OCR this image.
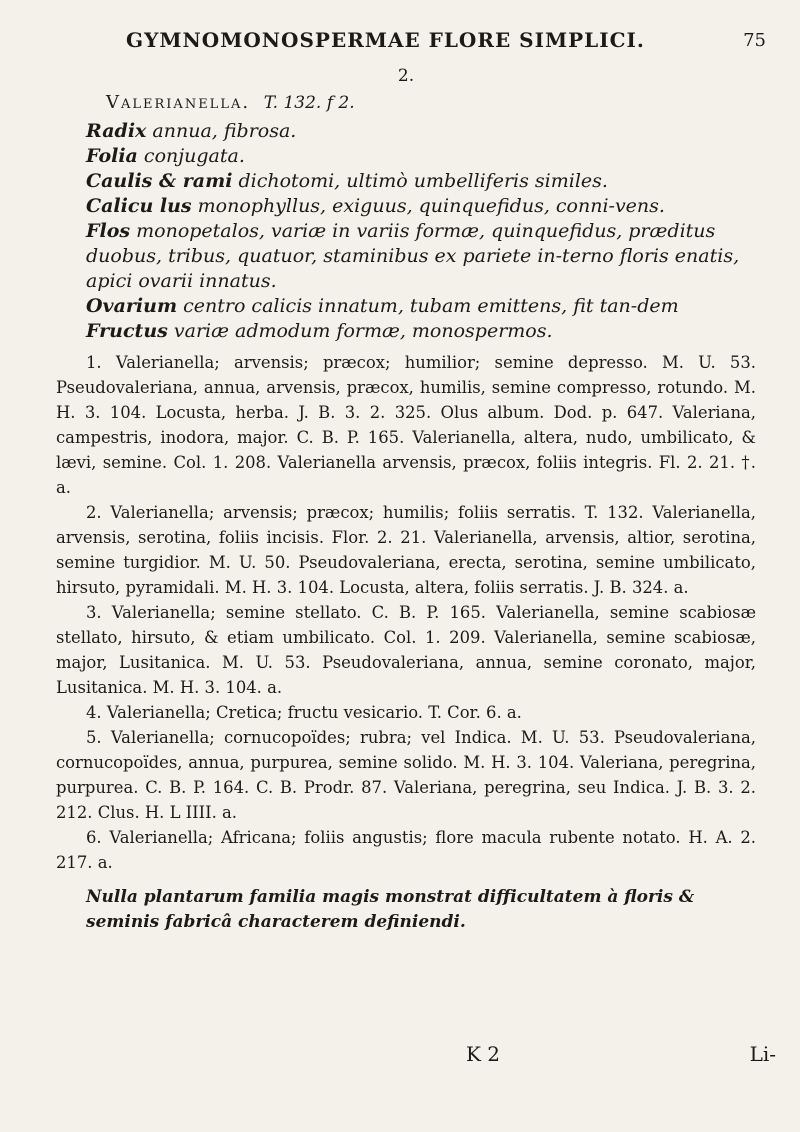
GYMNOMONOSPERMAE FLORE SIMPLICI.	75
2.
Valerianella. T. 132. f 2.

Radix annua, fibrosa.

Folia conjugata.

Caulis & rami dichotomi, ultimò umbelliferis similes.

Calicu lus monophyllus, exiguus, quinquefidus, conni-vens.

Flos monopetalos, variæ in variis formæ, quinquefidus, præditus duobus, tribus, quatuor, staminibus ex pariete in-terno floris enatis, apici ovarii innatus.

Ovarium centro calicis innatum, tubam emittens, fit tan-dem

Fructus variæ admodum formæ, monospermos.

1. Valerianella; arvensis; præcox; humilior; semine depresso. M. U. 53. Pseudovaleriana, annua, arvensis, præcox, humilis, semine compresso, rotundo. M. H. 3. 104. Locusta, herba. J. B. 3. 2. 325. Olus album. Dod. p. 647. Valeriana, campestris, inodora, major. C. B. P. 165. Valerianella, altera, nudo, umbilicato, & lævi, semine. Col. 1. 208. Valerianella arvensis, præcox, foliis integris. Fl. 2. 21. †. a.

2. Valerianella; arvensis; præcox; humilis; foliis serratis. T. 132. Valerianella, arvensis, serotina, foliis incisis. Flor. 2. 21. Valerianella, arvensis, altior, serotina, semine turgidior. M. U. 50. Pseudovaleriana, erecta, serotina, semine umbilicato, hirsuto, pyramidali. M. H. 3. 104. Locusta, altera, foliis serratis. J. B. 324. a.

3. Valerianella; semine stellato. C. B. P. 165. Valerianella, semine scabiosæ stellato, hirsuto, & etiam umbilicato. Col. 1. 209. Valerianella, semine scabiosæ, major, Lusitanica. M. U. 53. Pseudovaleriana, annua, semine coronato, major, Lusitanica. M. H. 3. 104. a.

4. Valerianella; Cretica; fructu vesicario. T. Cor. 6. a.

5. Valerianella; cornucopoïdes; rubra; vel Indica. M. U. 53. Pseudovaleriana, cornucopoïdes, annua, purpurea, semine solido. M. H. 3. 104. Valeriana, peregrina, purpurea. C. B. P. 164. C. B. Prodr. 87. Valeriana, peregrina, seu Indica. J. B. 3. 2. 212. Clus. H. L IIII. a.

6. Valerianella; Africana; foliis angustis; flore macula rubente notato. H. A. 2. 217. a.

Nulla plantarum familia magis monstrat difficultatem à floris & seminis fabricâ characterem definiendi.

K 2	Li-
